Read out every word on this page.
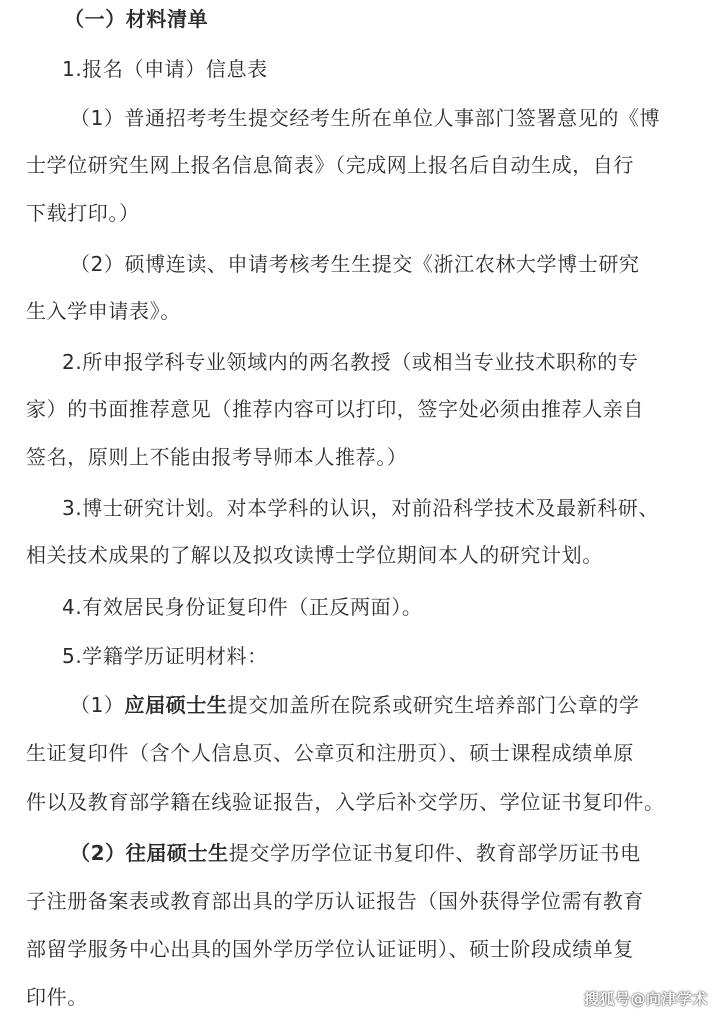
（一）材料清单
1.报名（申请）信息表
（1）普通招考考生提交经考生所在单位人事部门签署意见的《博
士学位研究生网上报名信息简表》（完成网上报名后自动生成，自行
下载打印。）
（2）硕博连读、申请考核考生生提交《浙江农林大学博士研究
生入学申请表》。
2.所申报学科专业领域内的两名教授（或相当专业技术职称的专
家）的书面推荐意见（推荐内容可以打印，签字处必须由推荐人亲自
签名，原则上不能由报考导师本人推荐。）
3.博士研究计划。对本学科的认识，对前沿科学技术及最新科研、
相关技术成果的了解以及拟攻读博士学位期间本人的研究计划。
4.有效居民身份证复印件（正反两面）。
5.学籍学历证明材料：
（1）应届硕士生提交加盖所在院系或研究生培养部门公章的学
生证复印件（含个人信息页、公章页和注册页）、硕士课程成绩单原
件以及教育部学籍在线验证报告，入学后补交学历、学位证书复印件。
（2）往届硕士生提交学历学位证书复印件、教育部学历证书电
子注册备案表或教育部出具的学历认证报告（国外获得学位需有教育
部留学服务中心出具的国外学历学位认证证明）、硕士阶段成绩单复
印件。	搜狐号@向津学术
